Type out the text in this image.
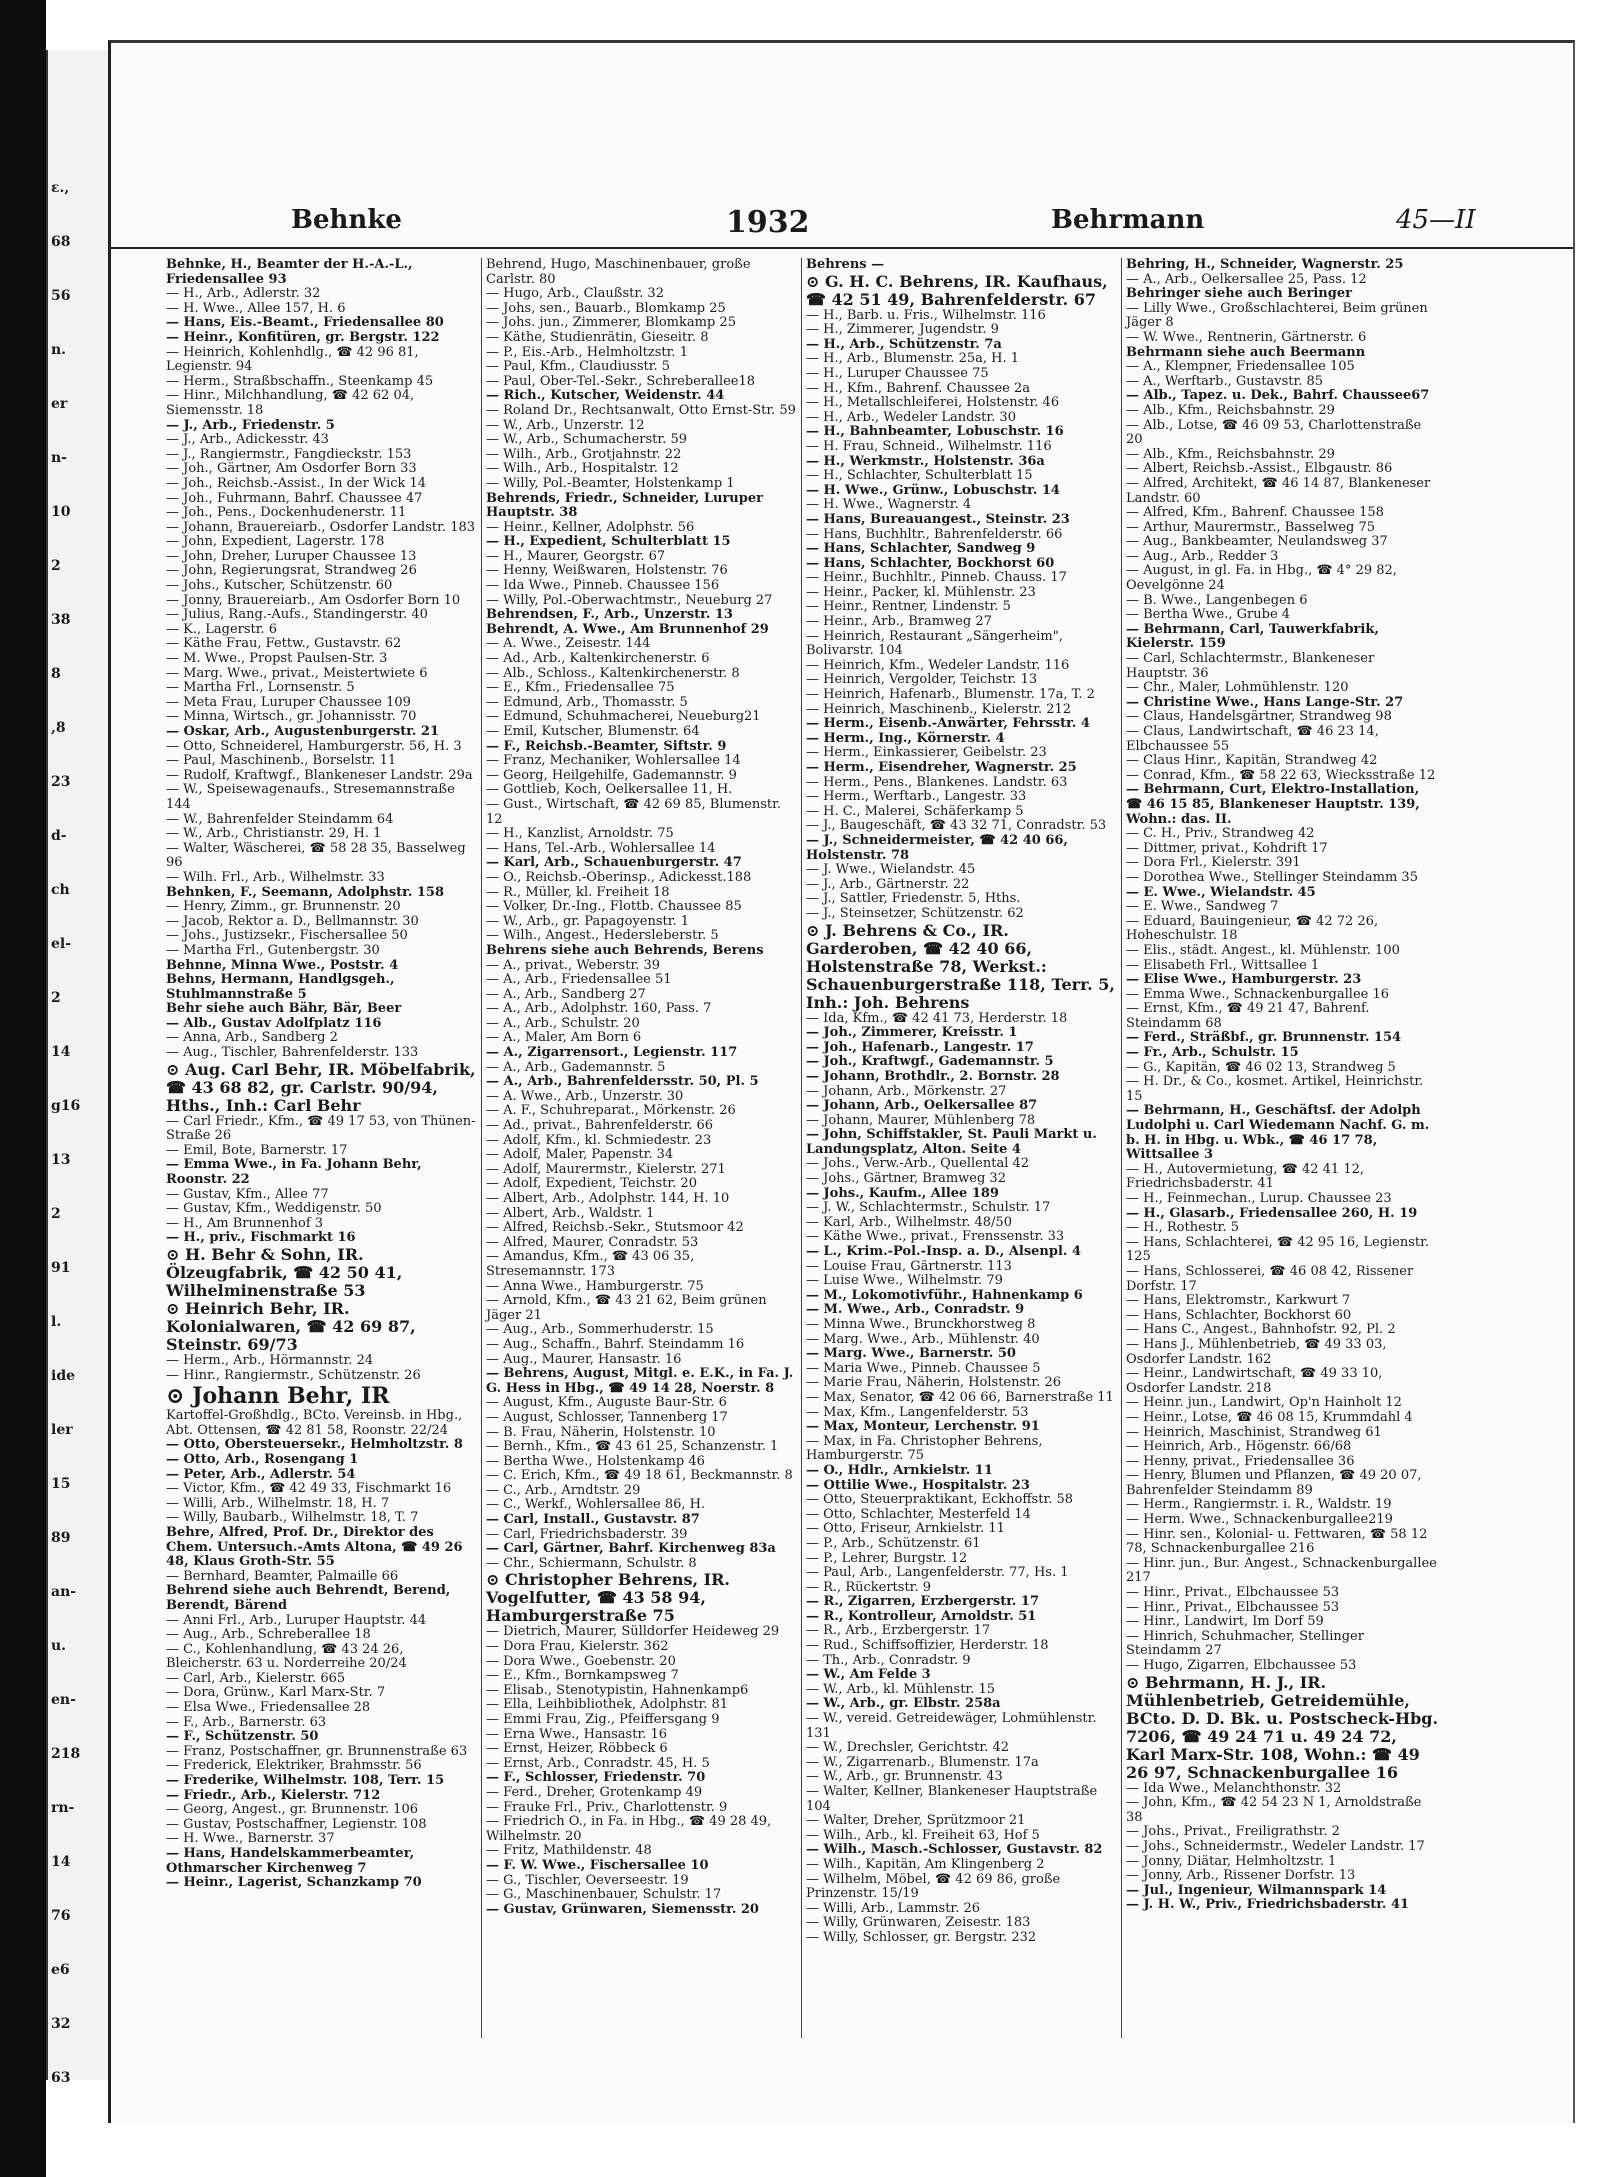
ε.,
68
56
n.
er
n-
10
2
38
8
,8
23
d-
ch
el-
2
14
g16
13
2
91
l.
ide
ler
15
89
an-
u.
en-
218
rn-
14
76
e6
32
63
Behnke	1932	Behrmann	45—II
Behnke, H., Beamter der H.-A.-L., Friedensallee 93
— H., Arb., Adlerstr. 32
— H. Wwe., Allee 157, H. 6
— Hans, Eis.-Beamt., Friedensallee 80
— Heinr., Konfitüren, gr. Bergstr. 122
— Heinrich, Kohlenhdlg., ☎ 42 96 81, Legienstr. 94
— Herm., Straßbschaffn., Steenkamp 45
— Hinr., Milchhandlung, ☎ 42 62 04, Siemensstr. 18
— J., Arb., Friedenstr. 5
— J., Arb., Adickesstr. 43
— J., Rangiermstr., Fangdieckstr. 153
— Joh., Gärtner, Am Osdorfer Born 33
— Joh., Reichsb.-Assist., In der Wick 14
— Joh., Fuhrmann, Bahrf. Chaussee 47
— Joh., Pens., Dockenhudenerstr. 11
— Johann, Brauereiarb., Osdorfer Landstr. 183
— John, Expedient, Lagerstr. 178
— John, Dreher, Luruper Chaussee 13
— John, Regierungsrat, Strandweg 26
— Johs., Kutscher, Schützenstr. 60
— Jonny, Brauereiarb., Am Osdorfer Born 10
— Julius, Rang.-Aufs., Standingerstr. 40
— K., Lagerstr. 6
— Käthe Frau, Fettw., Gustavstr. 62
— M. Wwe., Propst Paulsen-Str. 3
— Marg. Wwe., privat., Meistertwiete 6
— Martha Frl., Lornsenstr. 5
— Meta Frau, Luruper Chaussee 109
— Minna, Wirtsch., gr. Johannisstr. 70
— Oskar, Arb., Augustenburgerstr. 21
— Otto, Schneiderel, Hamburgerstr. 56, H. 3
— Paul, Maschinenb., Borselstr. 11
— Rudolf, Kraftwgf., Blankeneser Landstr. 29a
— W., Speisewagenaufs., Stresemannstraße 144
— W., Bahrenfelder Steindamm 64
— W., Arb., Christianstr. 29, H. 1
— Walter, Wäscherei, ☎ 58 28 35, Basselweg 96
— Wilh. Frl., Arb., Wilhelmstr. 33
Behnken, F., Seemann, Adolphstr. 158
— Henry, Zimm., gr. Brunnenstr. 20
— Jacob, Rektor a. D., Bellmannstr. 30
— Johs., Justizsekr., Fischersallee 50
— Martha Frl., Gutenbergstr. 30
Behnne, Minna Wwe., Poststr. 4
Behns, Hermann, Handlgsgeh., Stuhlmannstraße 5
Behr siehe auch Bähr, Bär, Beer
— Alb., Gustav Adolfplatz 116
— Anna, Arb., Sandberg 2
— Aug., Tischler, Bahrenfelderstr. 133
⊙ Aug. Carl Behr, IR. Möbelfabrik, ☎ 43 68 82, gr. Carlstr. 90/94, Hths., Inh.: Carl Behr
— Carl Friedr., Kfm., ☎ 49 17 53, von Thünen-Straße 26
— Emil, Bote, Barnerstr. 17
— Emma Wwe., in Fa. Johann Behr, Roonstr. 22
— Gustav, Kfm., Allee 77
— Gustav, Kfm., Weddigenstr. 50
— H., Am Brunnenhof 3
— H., priv., Fischmarkt 16
⊙ H. Behr & Sohn, IR. Ölzeugfabrik, ☎ 42 50 41, Wilhelminenstraße 53
⊙ Heinrich Behr, IR. Kolonialwaren, ☎ 42 69 87, Steinstr. 69/73
— Herm., Arb., Hörmannstr. 24
— Hinr., Rangiermstr., Schützenstr. 26
⊙ Johann Behr, IR
Kartoffel-Großhdlg., BCto. Vereinsb. in Hbg., Abt. Ottensen, ☎ 42 81 58, Roonstr. 22/24
— Otto, Obersteuersekr., Helmholtzstr. 8
— Otto, Arb., Rosengang 1
— Peter, Arb., Adlerstr. 54
— Victor, Kfm., ☎ 42 49 33, Fischmarkt 16
— Willi, Arb., Wilhelmstr. 18, H. 7
— Willy, Baubarb., Wilhelmstr. 18, T. 7
Behre, Alfred, Prof. Dr., Direktor des Chem. Untersuch.-Amts Altona, ☎ 49 26 48, Klaus Groth-Str. 55
— Bernhard, Beamter, Palmaille 66
Behrend siehe auch Behrendt, Berend, Berendt, Bärend
— Anni Frl., Arb., Luruper Hauptstr. 44
— Aug., Arb., Schreberallee 18
— C., Kohlenhandlung, ☎ 43 24 26, Bleicherstr. 63 u. Norderreihe 20/24
— Carl, Arb., Kielerstr. 665
— Dora, Grünw., Karl Marx-Str. 7
— Elsa Wwe., Friedensallee 28
— F., Arb., Barnerstr. 63
— F., Schützenstr. 50
— Franz, Postschaffner, gr. Brunnenstraße 63
— Frederick, Elektriker, Brahmsstr. 56
— Frederike, Wilhelmstr. 108, Terr. 15
— Friedr., Arb., Kielerstr. 712
— Georg, Angest., gr. Brunnenstr. 106
— Gustav, Postschaffner, Legienstr. 108
— H. Wwe., Barnerstr. 37
— Hans, Handelskammerbeamter, Othmarscher Kirchenweg 7
— Heinr., Lagerist, Schanzkamp 70
Behrend, Hugo, Maschinenbauer, große Carlstr. 80
— Hugo, Arb., Claußstr. 32
— Johs, sen., Bauarb., Blomkamp 25
— Johs. jun., Zimmerer, Blomkamp 25
— Käthe, Studienrätin, Gieseitr. 8
— P., Eis.-Arb., Helmholtzstr. 1
— Paul, Kfm., Claudiusstr. 5
— Paul, Ober-Tel.-Sekr., Schreberallee18
— Rich., Kutscher, Weidenstr. 44
— Roland Dr., Rechtsanwalt, Otto Ernst-Str. 59
— W., Arb., Unzerstr. 12
— W., Arb., Schumacherstr. 59
— Wilh., Arb., Grotjahnstr. 22
— Wilh., Arb., Hospitalstr. 12
— Willy, Pol.-Beamter, Holstenkamp 1
Behrends, Friedr., Schneider, Luruper Hauptstr. 38
— Heinr., Kellner, Adolphstr. 56
— H., Expedient, Schulterblatt 15
— H., Maurer, Georgstr. 67
— Henny, Weißwaren, Holstenstr. 76
— Ida Wwe., Pinneb. Chaussee 156
— Willy, Pol.-Oberwachtmstr., Neueburg 27
Behrendsen, F., Arb., Unzerstr. 13
Behrendt, A. Wwe., Am Brunnenhof 29
— A. Wwe., Zeisestr. 144
— Ad., Arb., Kaltenkirchenerstr. 6
— Alb., Schloss., Kaltenkirchenerstr. 8
— E., Kfm., Friedensallee 75
— Edmund, Arb., Thomasstr. 5
— Edmund, Schuhmacherei, Neueburg21
— Emil, Kutscher, Blumenstr. 64
— F., Reichsb.-Beamter, Siftstr. 9
— Franz, Mechaniker, Wohlersallee 14
— Georg, Heilgehilfe, Gademannstr. 9
— Gottlieb, Koch, Oelkersallee 11, H.
— Gust., Wirtschaft, ☎ 42 69 85, Blumenstr. 12
— H., Kanzlist, Arnoldstr. 75
— Hans, Tel.-Arb., Wohlersallee 14
— Karl, Arb., Schauenburgerstr. 47
— O., Reichsb.-Oberinsp., Adickesst.188
— R., Müller, kl. Freiheit 18
— Volker, Dr.-Ing., Flottb. Chaussee 85
— W., Arb., gr. Papagoyenstr. 1
— Wilh., Angest., Hedersleberstr. 5
Behrens siehe auch Behrends, Berens
— A., privat., Weberstr. 39
— A., Arb., Friedensallee 51
— A., Arb., Sandberg 27
— A., Arb., Adolphstr. 160, Pass. 7
— A., Arb., Schulstr. 20
— A., Maler, Am Born 6
— A., Zigarrensort., Legienstr. 117
— A., Arb., Gademannstr. 5
— A., Arb., Bahrenfeldersstr. 50, Pl. 5
— A. Wwe., Arb., Unzerstr. 30
— A. F., Schuhreparat., Mörkenstr. 26
— Ad., privat., Bahrenfelderstr. 66
— Adolf, Kfm., kl. Schmiedestr. 23
— Adolf, Maler, Papenstr. 34
— Adolf, Maurermstr., Kielerstr. 271
— Adolf, Expedient, Teichstr. 20
— Albert, Arb., Adolphstr. 144, H. 10
— Albert, Arb., Waldstr. 1
— Alfred, Reichsb.-Sekr., Stutsmoor 42
— Alfred, Maurer, Conradstr. 53
— Amandus, Kfm., ☎ 43 06 35, Stresemannstr. 173
— Anna Wwe., Hamburgerstr. 75
— Arnold, Kfm., ☎ 43 21 62, Beim grünen Jäger 21
— Aug., Arb., Sommerhuderstr. 15
— Aug., Schaffn., Bahrf. Steindamm 16
— Aug., Maurer, Hansastr. 16
— Behrens, August, Mitgl. e. E.K., in Fa. J. G. Hess in Hbg., ☎ 49 14 28, Noerstr. 8
— August, Kfm., Auguste Baur-Str. 6
— August, Schlosser, Tannenberg 17
— B. Frau, Näherin, Holstenstr. 10
— Bernh., Kfm., ☎ 43 61 25, Schanzenstr. 1
— Bertha Wwe., Holstenkamp 46
— C. Erich, Kfm., ☎ 49 18 61, Beckmannstr. 8
— C., Arb., Arndtstr. 29
— C., Werkf., Wohlersallee 86, H.
— Carl, Install., Gustavstr. 87
— Carl, Friedrichsbaderstr. 39
— Carl, Gärtner, Bahrf. Kirchenweg 83a
— Chr., Schiermann, Schulstr. 8
⊙ Christopher Behrens, IR. Vogelfutter, ☎ 43 58 94, Hamburgerstraße 75
— Dietrich, Maurer, Sülldorfer Heideweg 29
— Dora Frau, Kielerstr. 362
— Dora Wwe., Goebenstr. 20
— E., Kfm., Bornkampsweg 7
— Elisab., Stenotypistin, Hahnenkamp6
— Ella, Leihbibliothek, Adolphstr. 81
— Emmi Frau, Zig., Pfeiffersgang 9
— Erna Wwe., Hansastr. 16
— Ernst, Heizer, Röbbeck 6
— Ernst, Arb., Conradstr. 45, H. 5
— F., Schlosser, Friedenstr. 70
— Ferd., Dreher, Grotenkamp 49
— Frauke Frl., Priv., Charlottenstr. 9
— Friedrich O., in Fa. in Hbg., ☎ 49 28 49, Wilhelmstr. 20
— Fritz, Mathildenstr. 48
— F. W. Wwe., Fischersallee 10
— G., Tischler, Oeverseestr. 19
— G., Maschinenbauer, Schulstr. 17
— Gustav, Grünwaren, Siemensstr. 20
Behrens —
⊙ G. H. C. Behrens, IR. Kaufhaus, ☎ 42 51 49, Bahrenfelderstr. 67
— H., Barb. u. Fris., Wilhelmstr. 116
— H., Zimmerer, Jugendstr. 9
— H., Arb., Schützenstr. 7a
— H., Arb., Blumenstr. 25a, H. 1
— H., Luruper Chaussee 75
— H., Kfm., Bahrenf. Chaussee 2a
— H., Metallschleiferei, Holstenstr. 46
— H., Arb., Wedeler Landstr. 30
— H., Bahnbeamter, Lobuschstr. 16
— H. Frau, Schneid., Wilhelmstr. 116
— H., Werkmstr., Holstenstr. 36a
— H., Schlachter, Schulterblatt 15
— H. Wwe., Grünw., Lobuschstr. 14
— H. Wwe., Wagnerstr. 4
— Hans, Bureauangest., Steinstr. 23
— Hans, Buchhltr., Bahrenfelderstr. 66
— Hans, Schlachter, Sandweg 9
— Hans, Schlachter, Bockhorst 60
— Heinr., Buchhltr., Pinneb. Chauss. 17
— Heinr., Packer, kl. Mühlenstr. 23
— Heinr., Rentner, Lindenstr. 5
— Heinr., Arb., Bramweg 27
— Heinrich, Restaurant „Sängerheim", Bolivarstr. 104
— Heinrich, Kfm., Wedeler Landstr. 116
— Heinrich, Vergolder, Teichstr. 13
— Heinrich, Hafenarb., Blumenstr. 17a, T. 2
— Heinrich, Maschinenb., Kielerstr. 212
— Herm., Eisenb.-Anwärter, Fehrsstr. 4
— Herm., Ing., Körnerstr. 4
— Herm., Einkassierer, Geibelstr. 23
— Herm., Eisendreher, Wagnerstr. 25
— Herm., Pens., Blankenes. Landstr. 63
— Herm., Werftarb., Langestr. 33
— H. C., Malerei, Schäferkamp 5
— J., Baugeschäft, ☎ 43 32 71, Conradstr. 53
— J., Schneidermeister, ☎ 42 40 66, Holstenstr. 78
— J. Wwe., Wielandstr. 45
— J., Arb., Gärtnerstr. 22
— J., Sattler, Friedenstr. 5, Hths.
— J., Steinsetzer, Schützenstr. 62
⊙ J. Behrens & Co., IR. Garderoben, ☎ 42 40 66, Holstenstraße 78, Werkst.: Schauenburgerstraße 118, Terr. 5, Inh.: Joh. Behrens
— Ida, Kfm., ☎ 42 41 73, Herderstr. 18
— Joh., Zimmerer, Kreisstr. 1
— Joh., Hafenarb., Langestr. 17
— Joh., Kraftwgf., Gademannstr. 5
— Johann, Brothdlr., 2. Bornstr. 28
— Johann, Arb., Mörkenstr. 27
— Johann, Arb., Oelkersallee 87
— Johann, Maurer, Mühlenberg 78
— John, Schiffstakler, St. Pauli Markt u. Landungsplatz, Alton. Seite 4
— Johs., Verw.-Arb., Quellental 42
— Johs., Gärtner, Bramweg 32
— Johs., Kaufm., Allee 189
— J. W., Schlachtermstr., Schulstr. 17
— Karl, Arb., Wilhelmstr. 48/50
— Käthe Wwe., privat., Frenssenstr. 33
— L., Krim.-Pol.-Insp. a. D., Alsenpl. 4
— Louise Frau, Gärtnerstr. 113
— Luise Wwe., Wilhelmstr. 79
— M., Lokomotivführ., Hahnenkamp 6
— M. Wwe., Arb., Conradstr. 9
— Minna Wwe., Brunckhorstweg 8
— Marg. Wwe., Arb., Mühlenstr. 40
— Marg. Wwe., Barnerstr. 50
— Maria Wwe., Pinneb. Chaussee 5
— Marie Frau, Näherin, Holstenstr. 26
— Max, Senator, ☎ 42 06 66, Barnerstraße 11
— Max, Kfm., Langenfelderstr. 53
— Max, Monteur, Lerchenstr. 91
— Max, in Fa. Christopher Behrens, Hamburgerstr. 75
— O., Hdlr., Arnkielstr. 11
— Ottilie Wwe., Hospitalstr. 23
— Otto, Steuerpraktikant, Eckhoffstr. 58
— Otto, Schlachter, Mesterfeld 14
— Otto, Friseur, Arnkielstr. 11
— P., Arb., Schützenstr. 61
— P., Lehrer, Burgstr. 12
— Paul, Arb., Langenfelderstr. 77, Hs. 1
— R., Rückertstr. 9
— R., Zigarren, Erzbergerstr. 17
— R., Kontrolleur, Arnoldstr. 51
— R., Arb., Erzbergerstr. 17
— Rud., Schiffsoffizier, Herderstr. 18
— Th., Arb., Conradstr. 9
— W., Am Felde 3
— W., Arb., kl. Mühlenstr. 15
— W., Arb., gr. Elbstr. 258a
— W., vereid. Getreidewäger, Lohmühlenstr. 131
— W., Drechsler, Gerichtstr. 42
— W., Zigarrenarb., Blumenstr. 17a
— W., Arb., gr. Brunnenstr. 43
— Walter, Kellner, Blankeneser Hauptstraße 104
— Walter, Dreher, Sprützmoor 21
— Wilh., Arb., kl. Freiheit 63, Hof 5
— Wilh., Masch.-Schlosser, Gustavstr. 82
— Wilh., Kapitän, Am Klingenberg 2
— Wilhelm, Möbel, ☎ 42 69 86, große Prinzenstr. 15/19
— Willi, Arb., Lammstr. 26
— Willy, Grünwaren, Zeisestr. 183
— Willy, Schlosser, gr. Bergstr. 232
Behring, H., Schneider, Wagnerstr. 25
— A., Arb., Oelkersallee 25, Pass. 12
Behringer siehe auch Beringer
— Lilly Wwe., Großschlachterei, Beim grünen Jäger 8
— W. Wwe., Rentnerin, Gärtnerstr. 6
Behrmann siehe auch Beermann
— A., Klempner, Friedensallee 105
— A., Werftarb., Gustavstr. 85
— Alb., Tapez. u. Dek., Bahrf. Chaussee67
— Alb., Kfm., Reichsbahnstr. 29
— Alb., Lotse, ☎ 46 09 53, Charlottenstraße 20
— Alb., Kfm., Reichsbahnstr. 29
— Albert, Reichsb.-Assist., Elbgaustr. 86
— Alfred, Architekt, ☎ 46 14 87, Blankeneser Landstr. 60
— Alfred, Kfm., Bahrenf. Chaussee 158
— Arthur, Maurermstr., Basselweg 75
— Aug., Bankbeamter, Neulandsweg 37
— Aug., Arb., Redder 3
— August, in gl. Fa. in Hbg., ☎ 4° 29 82, Oevelgönne 24
— B. Wwe., Langenbegen 6
— Bertha Wwe., Grube 4
— Behrmann, Carl, Tauwerkfabrik, Kielerstr. 159
— Carl, Schlachtermstr., Blankeneser Hauptstr. 36
— Chr., Maler, Lohmühlenstr. 120
— Christine Wwe., Hans Lange-Str. 27
— Claus, Handelsgärtner, Strandweg 98
— Claus, Landwirtschaft, ☎ 46 23 14, Elbchaussee 55
— Claus Hinr., Kapitän, Strandweg 42
— Conrad, Kfm., ☎ 58 22 63, Wiecksstraße 12
— Behrmann, Curt, Elektro-Installation, ☎ 46 15 85, Blankeneser Hauptstr. 139, Wohn.: das. II.
— C. H., Priv., Strandweg 42
— Dittmer, privat., Kohdrift 17
— Dora Frl., Kielerstr. 391
— Dorothea Wwe., Stellinger Steindamm 35
— E. Wwe., Wielandstr. 45
— E. Wwe., Sandweg 7
— Eduard, Bauingenieur, ☎ 42 72 26, Hoheschulstr. 18
— Elis., städt. Angest., kl. Mühlenstr. 100
— Elisabeth Frl., Wittsallee 1
— Elise Wwe., Hamburgerstr. 23
— Emma Wwe., Schnackenburgallee 16
— Ernst, Kfm., ☎ 49 21 47, Bahrenf. Steindamm 68
— Ferd., Sträßbf., gr. Brunnenstr. 154
— Fr., Arb., Schulstr. 15
— G., Kapitän, ☎ 46 02 13, Strandweg 5
— H. Dr., & Co., kosmet. Artikel, Heinrichstr. 15
— Behrmann, H., Geschäftsf. der Adolph Ludolphi u. Carl Wiedemann Nachf. G. m. b. H. in Hbg. u. Wbk., ☎ 46 17 78, Wittsallee 3
— H., Autovermietung, ☎ 42 41 12, Friedrichsbaderstr. 41
— H., Feinmechan., Lurup. Chaussee 23
— H., Glasarb., Friedensallee 260, H. 19
— H., Rothestr. 5
— Hans, Schlachterei, ☎ 42 95 16, Legienstr. 125
— Hans, Schlosserei, ☎ 46 08 42, Rissener Dorfstr. 17
— Hans, Elektromstr., Karkwurt 7
— Hans, Schlachter, Bockhorst 60
— Hans C., Angest., Bahnhofstr. 92, Pl. 2
— Hans J., Mühlenbetrieb, ☎ 49 33 03, Osdorfer Landstr. 162
— Heinr., Landwirtschaft, ☎ 49 33 10, Osdorfer Landstr. 218
— Heinr. jun., Landwirt, Op'n Hainholt 12
— Heinr., Lotse, ☎ 46 08 15, Krummdahl 4
— Heinrich, Maschinist, Strandweg 61
— Heinrich, Arb., Högenstr. 66/68
— Henny, privat., Friedensallee 36
— Henry, Blumen und Pflanzen, ☎ 49 20 07, Bahrenfelder Steindamm 89
— Herm., Rangiermstr. i. R., Waldstr. 19
— Herm. Wwe., Schnackenburgallee219
— Hinr. sen., Kolonial- u. Fettwaren, ☎ 58 12 78, Schnackenburgallee 216
— Hinr. jun., Bur. Angest., Schnackenburgallee 217
— Hinr., Privat., Elbchaussee 53
— Hinr., Privat., Elbchaussee 53
— Hinr., Landwirt, Im Dorf 59
— Hinrich, Schuhmacher, Stellinger Steindamm 27
— Hugo, Zigarren, Elbchaussee 53
⊙ Behrmann, H. J., IR. Mühlenbetrieb, Getreidemühle, BCto. D. D. Bk. u. Postscheck-Hbg. 7206, ☎ 49 24 71 u. 49 24 72, Karl Marx-Str. 108, Wohn.: ☎ 49 26 97, Schnackenburgallee 16
— Ida Wwe., Melanchthonstr. 32
— John, Kfm., ☎ 42 54 23 N 1, Arnoldstraße 38
— Johs., Privat., Freiligrathstr. 2
— Johs., Schneidermstr., Wedeler Landstr. 17
— Jonny, Diätar, Helmholtzstr. 1
— Jonny, Arb., Rissener Dorfstr. 13
— Jul., Ingenieur, Wilmannspark 14
— J. H. W., Priv., Friedrichsbaderstr. 41
